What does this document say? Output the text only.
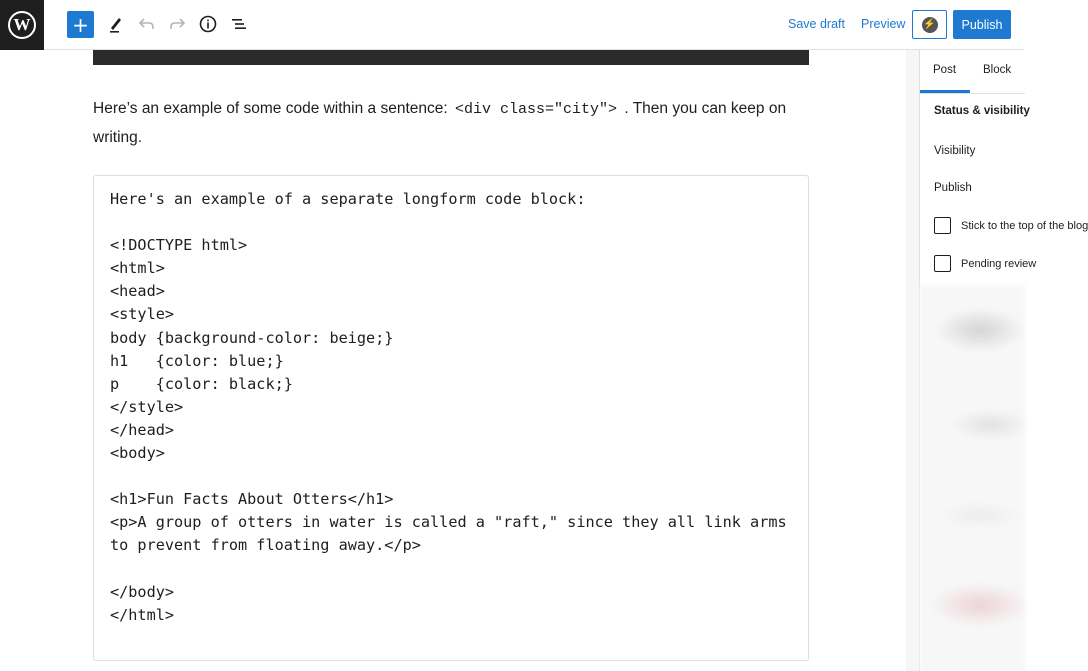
W +	Save draft Preview ⚡	Publish

Here’s an example of some code within a sentence: <div class="city"> . Then you can keep on writing.

Here's an example of a separate longform code block:

<!DOCTYPE html>
<html>
<head>
<style>
body {background-color: beige;}
h1   {color: blue;}
p    {color: black;}
</style>
</head>
<body>

<h1>Fun Facts About Otters</h1>
<p>A group of otters in water is called a "raft," since they all link arms
to prevent from floating away.</p>

</body>
</html>
Post Block
Status & visibility
Visibility
Publish
Stick to the top of the blog
Pending review
